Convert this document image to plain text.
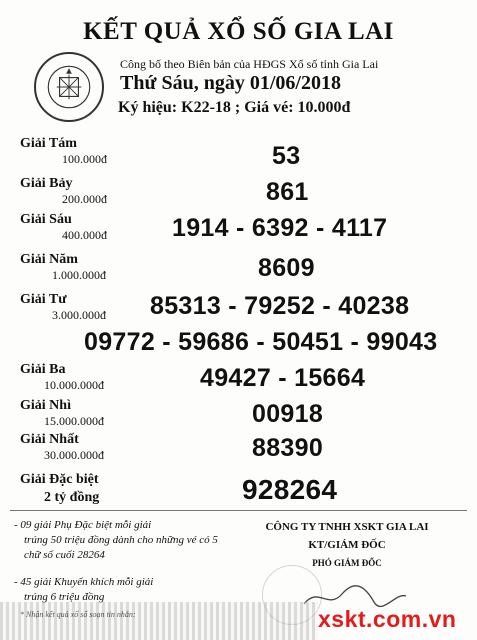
KẾT QUẢ XỔ SỐ GIA LAI
Công bố theo Biên bản của HĐGS Xổ số tỉnh Gia Lai
Thứ Sáu, ngày 01/06/2018
Ký hiệu: K22-18 ; Giá vé: 10.000đ
Giải Tám
100.000đ	53
Giải Bảy
200.000đ	861
Giải Sáu
400.000đ	1914 - 6392 - 4117
Giải Năm
1.000.000đ	8609
Giải Tư
3.000.000đ 85313 - 79252 - 40238
09772 - 59686 - 50451 - 99043
Giải Ba
10.000.000đ	49427 - 15664
Giải Nhì
15.000.000đ	00918
Giải Nhất
30.000.000đ	88390
Giải Đặc biệt
2 tỷ đồng	928264
- 09 giải Phụ Đặc biệt mỗi giải
trúng 50 triệu đồng dành cho những vé có 5 chữ số cuối 28264
- 45 giải Khuyến khích mỗi giải
trúng 6 triệu đồng
* Nhận kết quả xổ số soạn tin nhắn:
CÔNG TY TNHH XSKT GIA LAI
KT/GIÁM ĐỐC
PHÓ GIÁM ĐỐC
xskt.com.vn
